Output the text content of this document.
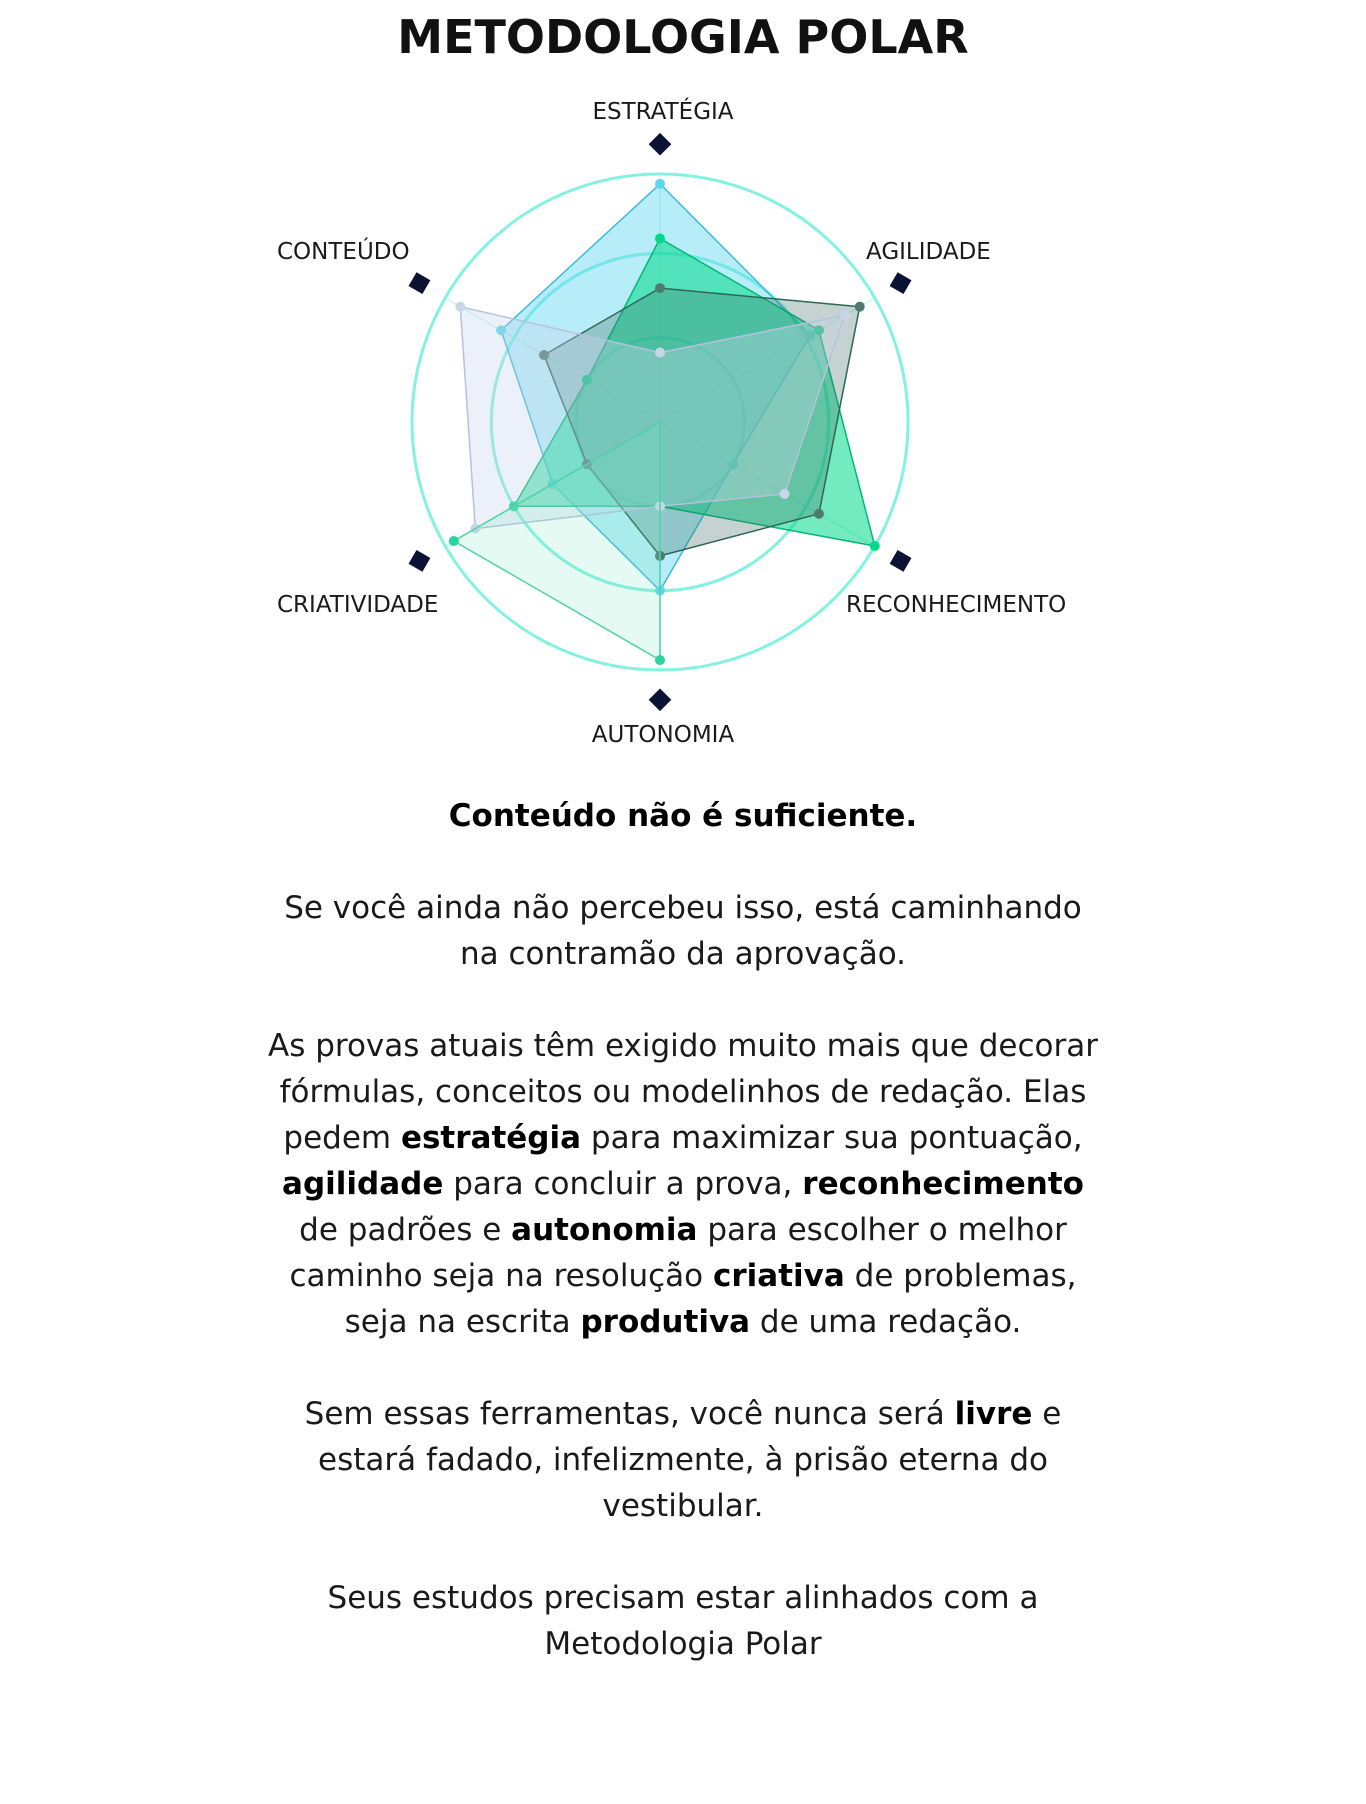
METODOLOGIA POLAR
ESTRATÉGIA
AGILIDADE
RECONHECIMENTO
AUTONOMIA
CRIATIVIDADE
CONTEÚDO

Conteúdo não é suficiente.

Se você ainda não percebeu isso, está caminhando na contramão da aprovação.

As provas atuais têm exigido muito mais que decorar fórmulas, conceitos ou modelinhos de redação. Elas pedem estratégia para maximizar sua pontuação, agilidade para concluir a prova, reconhecimento de padrões e autonomia para escolher o melhor caminho seja na resolução criativa de problemas, seja na escrita produtiva de uma redação.

Sem essas ferramentas, você nunca será livre e estará fadado, infelizmente, à prisão eterna do vestibular.

Seus estudos precisam estar alinhados com a Metodologia Polar
